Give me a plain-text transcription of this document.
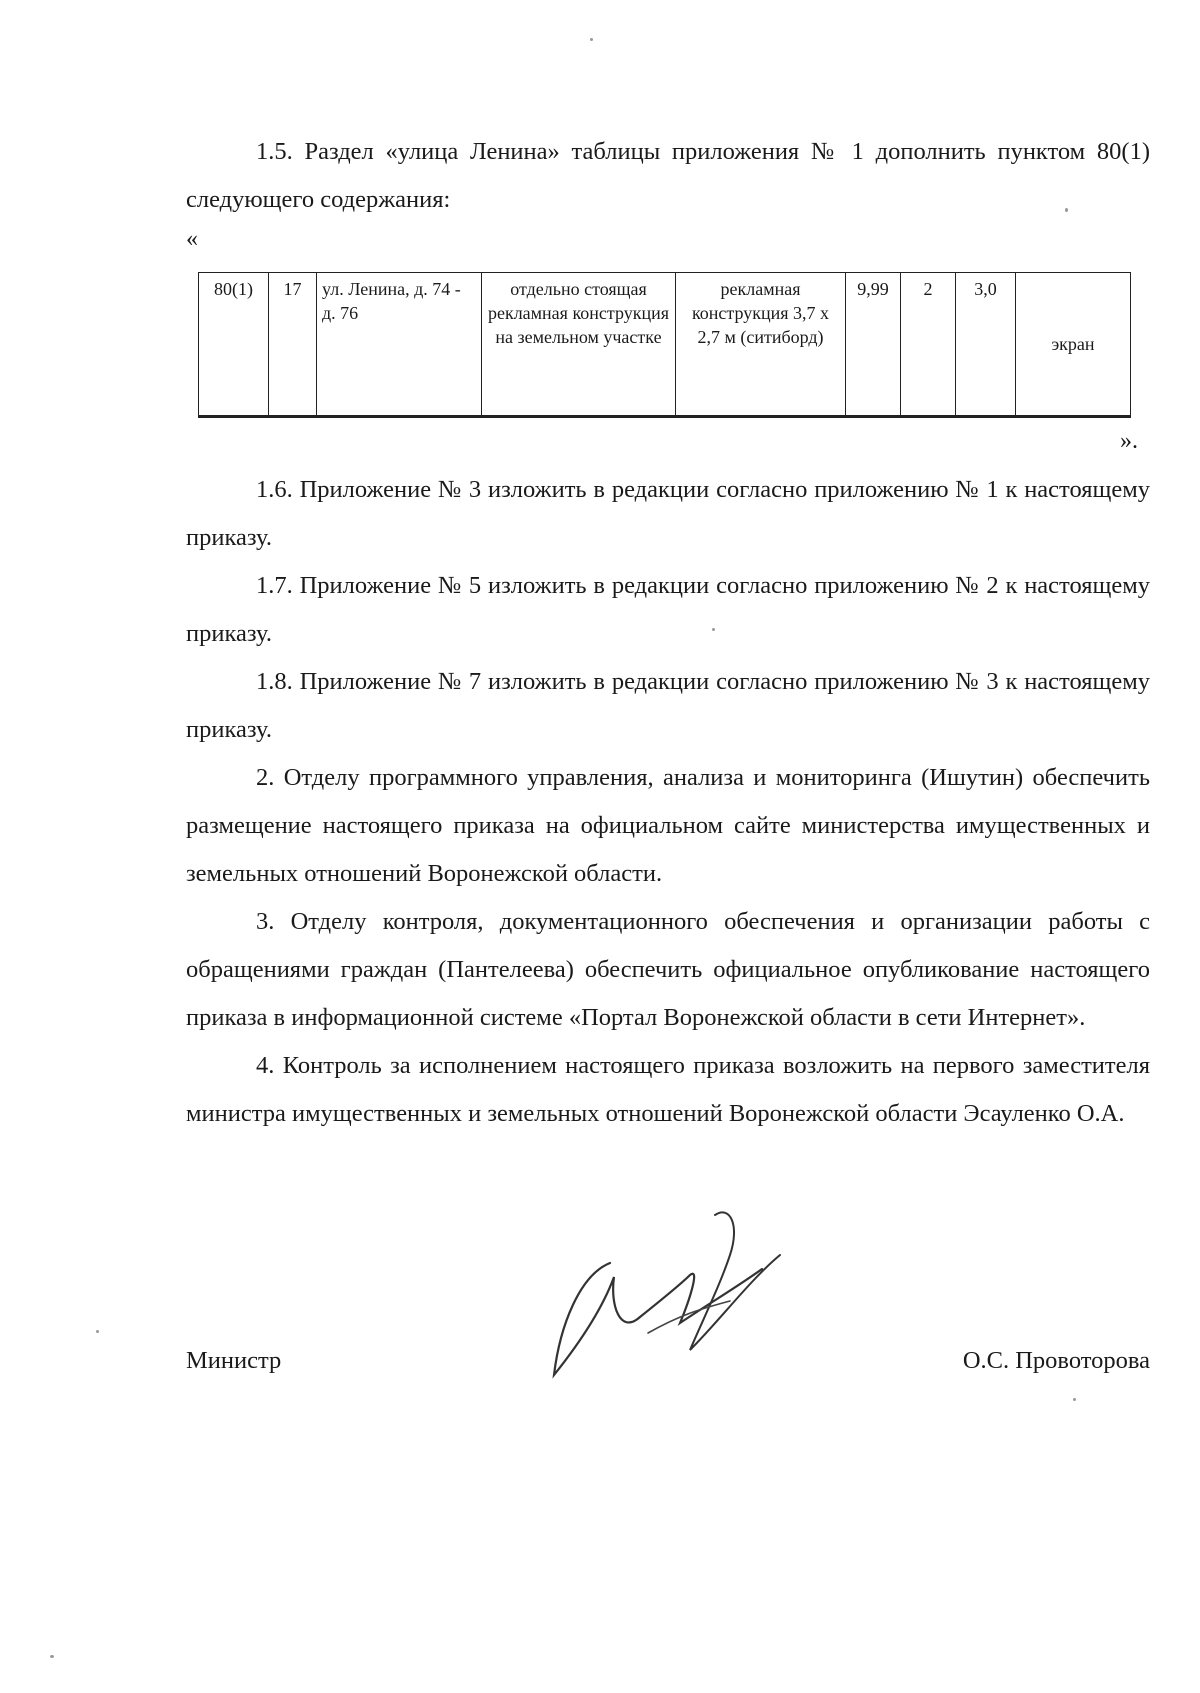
1.5. Раздел «улица Ленина» таблицы приложения № 1 дополнить пунктом 80(1) следующего содержания:

«
80(1)	17	ул. Ленина, д. 74 - д. 76	отдельно стоящая рекламная конструкция на земельном участке	рекламная конструкция 3,7 х 2,7 м (ситиборд)	9,99	2	3,0	экран
».

1.6. Приложение № 3 изложить в редакции согласно приложению № 1 к настоящему приказу.

1.7. Приложение № 5 изложить в редакции согласно приложению № 2 к настоящему приказу.

1.8. Приложение № 7 изложить в редакции согласно приложению № 3 к настоящему приказу.

2. Отделу программного управления, анализа и мониторинга (Ишутин) обеспечить размещение настоящего приказа на официальном сайте министерства имущественных и земельных отношений Воронежской области.

3. Отделу контроля, документационного обеспечения и организации работы с обращениями граждан (Пантелеева) обеспечить официальное опубликование настоящего приказа в информационной системе «Портал Воронежской области в сети Интернет».

4. Контроль за исполнением настоящего приказа возложить на первого заместителя министра имущественных и земельных отношений Воронежской области Эсауленко О.А.

Министр	О.С. Провоторова
